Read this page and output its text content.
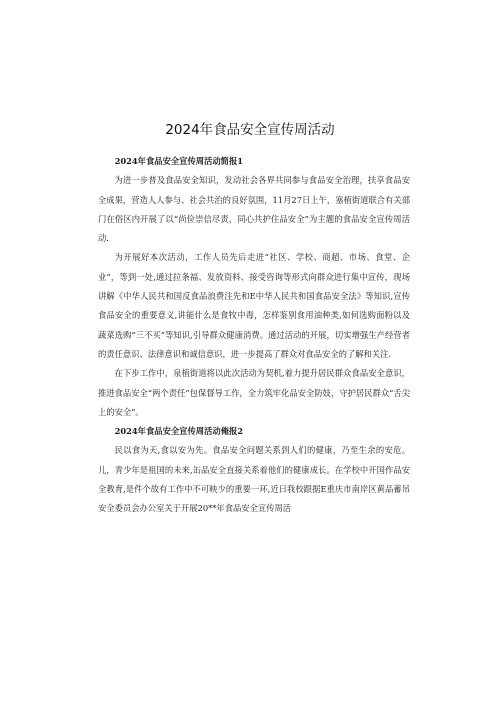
2024年食品安全宣传周活动

2024年食品安全宣传周活动简报1

为进一步普及食品安全知识，发动社会各界共同参与食品安全治理，扶享食品安全成果，营造人人参与、社会共治的良好氛围，11月27日上午，塞植街道联合有关部门在俗区内开展了以“尚俭崇信尽责，同心共护住品安全”为主题的食品安全宣传周活动.

为开展好本次活动，工作人员先后走进“社区、学校、商超、市场、食堂、企业”，等到一处,通过拉条福、发放资料、接受咨询等形式向群众进行集中宣传，现场讲解《中华人民共和国反食品浪费注先和E中华人民共和国食品安全法》等知识,宣传食品安全的重要意义,讲能什么是食牧中毒，怎样鉴别食用油种类,如何选购面粉以及蔬菜选购“三不买”等知识,引导群众健康消费。通过活动的开展，切实增强生产经营者的责任意识、法律意识和诚信意识，进一步提高了群众对食品安全的了解和关注.

在下步工作中，泉植街道将以此次活动为契机,着力提升居民群众食品安全意识，推进食品安全“两个责任”包保督导工作，全力筑牢化品安全防妓，守护居民群众“舌尖上的安全”。

2024年食品安全宣传周活动俺报2

民以食为天,食以安为先。食品安全问题关系到人们的健康，乃至生余的安危。儿，青少年是祖国的未来,缶品安全直接关系着他们的健康成长。在学校中开国作品安全教育,是件个故有工作中不可映少的重要一环,近日我校跟据E重庆市南岸区黄品蓄吊安全委员会办公室关于开展20**年食品安全宣传周活
